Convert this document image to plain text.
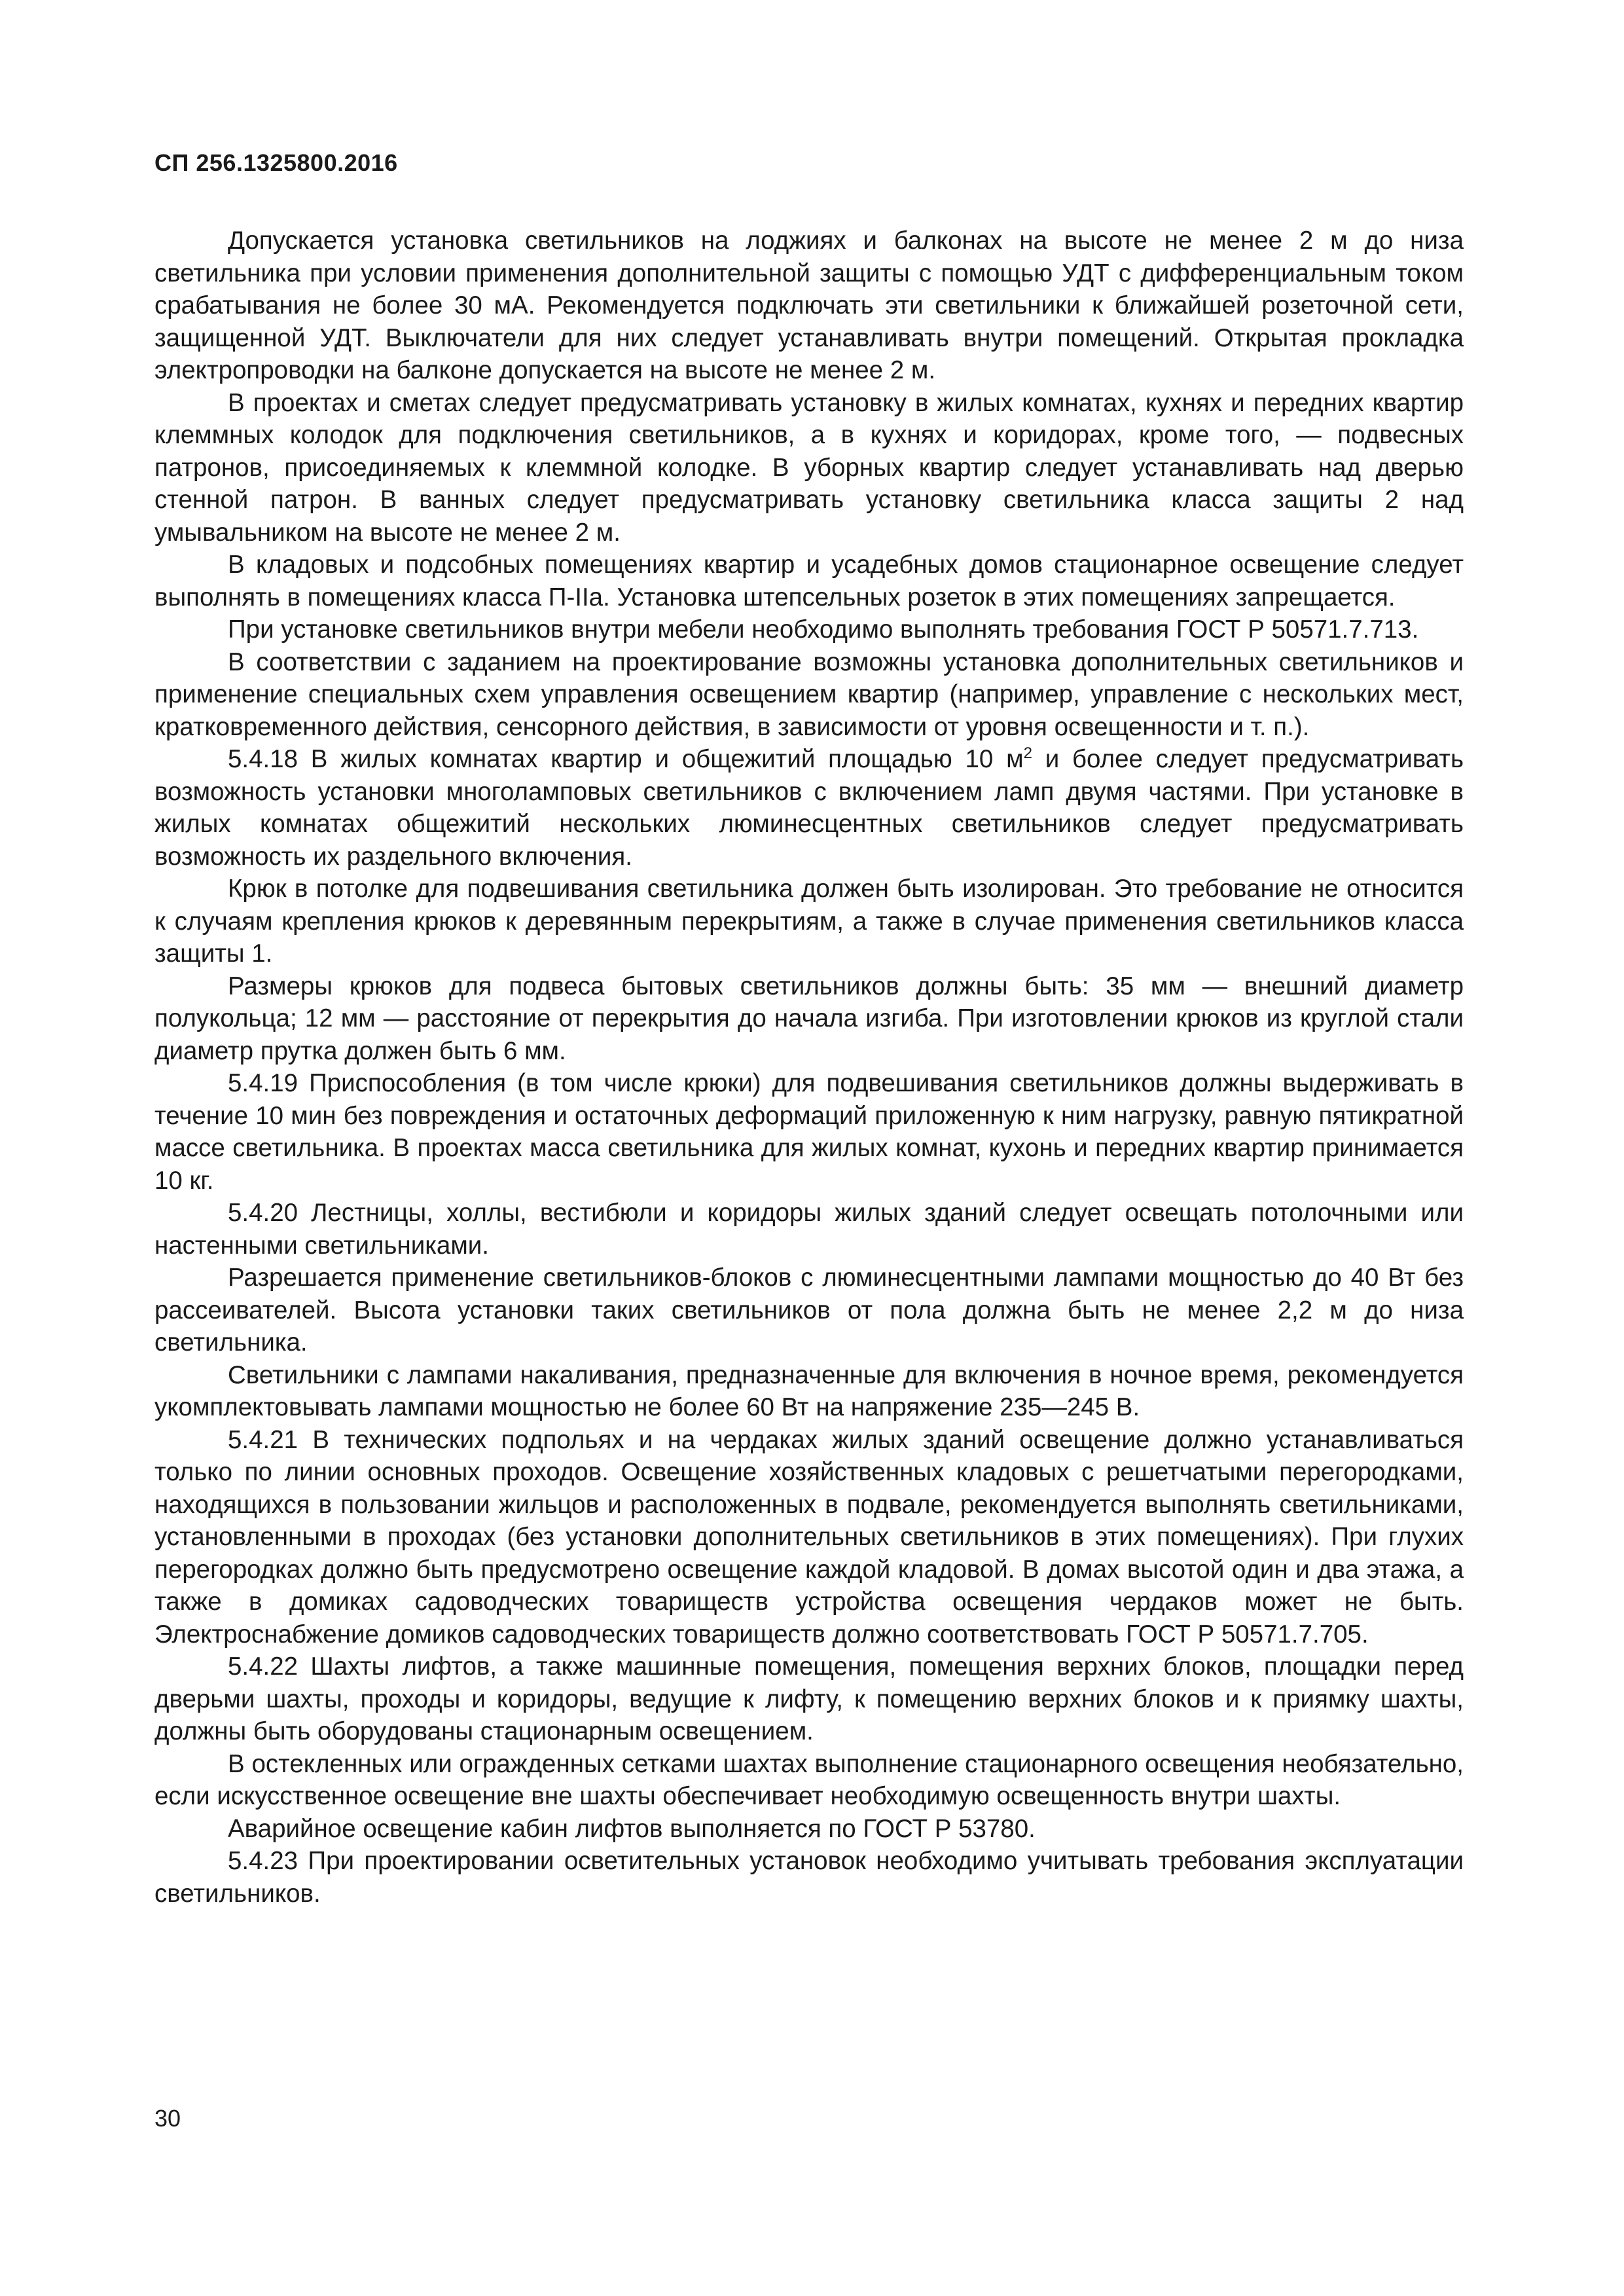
СП 256.1325800.2016

Допускается установка светильников на лоджиях и балконах на высоте не менее 2 м до низа светильника при условии применения дополнительной защиты с помощью УДТ с дифференциальным током срабатывания не более 30 мА. Рекомендуется подключать эти светильники к ближайшей розеточной сети, защищенной УДТ. Выключатели для них следует устанавливать внутри помещений. Открытая прокладка электропроводки на балконе допускается на высоте не менее 2 м.

В проектах и сметах следует предусматривать установку в жилых комнатах, кухнях и передних квартир клеммных колодок для подключения светильников, а в кухнях и коридорах, кроме того, — подвесных патронов, присоединяемых к клеммной колодке. В уборных квартир следует устанавливать над дверью стенной патрон. В ванных следует предусматривать установку светильника класса защиты 2 над умывальником на высоте не менее 2 м.

В кладовых и подсобных помещениях квартир и усадебных домов стационарное освещение следует выполнять в помещениях класса П-IIа. Установка штепсельных розеток в этих помещениях запрещается.

При установке светильников внутри мебели необходимо выполнять требования ГОСТ Р 50571.7.713.

В соответствии с заданием на проектирование возможны установка дополнительных светильников и применение специальных схем управления освещением квартир (например, управление с нескольких мест, кратковременного действия, сенсорного действия, в зависимости от уровня освещенности и т. п.).

5.4.18 В жилых комнатах квартир и общежитий площадью 10 $м^2$ и более следует предусматривать возможность установки многоламповых светильников с включением ламп двумя частями. При установке в жилых комнатах общежитий нескольких люминесцентных светильников следует предусматривать возможность их раздельного включения.

Крюк в потолке для подвешивания светильника должен быть изолирован. Это требование не относится к случаям крепления крюков к деревянным перекрытиям, а также в случае применения светильников класса защиты 1.

Размеры крюков для подвеса бытовых светильников должны быть: 35 мм — внешний диаметр полукольца; 12 мм — расстояние от перекрытия до начала изгиба. При изготовлении крюков из круглой стали диаметр прутка должен быть 6 мм.

5.4.19 Приспособления (в том числе крюки) для подвешивания светильников должны выдерживать в течение 10 мин без повреждения и остаточных деформаций приложенную к ним нагрузку, равную пятикратной массе светильника. В проектах масса светильника для жилых комнат, кухонь и передних квартир принимается 10 кг.

5.4.20 Лестницы, холлы, вестибюли и коридоры жилых зданий следует освещать потолочными или настенными светильниками.

Разрешается применение светильников-блоков с люминесцентными лампами мощностью до 40 Вт без рассеивателей. Высота установки таких светильников от пола должна быть не менее 2,2 м до низа светильника.

Светильники с лампами накаливания, предназначенные для включения в ночное время, рекомендуется укомплектовывать лампами мощностью не более 60 Вт на напряжение 235—245 В.

5.4.21 В технических подпольях и на чердаках жилых зданий освещение должно устанавливаться только по линии основных проходов. Освещение хозяйственных кладовых с решетчатыми перегородками, находящихся в пользовании жильцов и расположенных в подвале, рекомендуется выполнять светильниками, установленными в проходах (без установки дополнительных светильников в этих помещениях). При глухих перегородках должно быть предусмотрено освещение каждой кладовой. В домах высотой один и два этажа, а также в домиках садоводческих товариществ устройства освещения чердаков может не быть. Электроснабжение домиков садоводческих товариществ должно соответствовать ГОСТ Р 50571.7.705.

5.4.22 Шахты лифтов, а также машинные помещения, помещения верхних блоков, площадки перед дверьми шахты, проходы и коридоры, ведущие к лифту, к помещению верхних блоков и к приямку шахты, должны быть оборудованы стационарным освещением.

В остекленных или огражденных сетками шахтах выполнение стационарного освещения необязательно, если искусственное освещение вне шахты обеспечивает необходимую освещенность внутри шахты.

Аварийное освещение кабин лифтов выполняется по ГОСТ Р 53780.

5.4.23 При проектировании осветительных установок необходимо учитывать требования эксплуатации светильников.

30
